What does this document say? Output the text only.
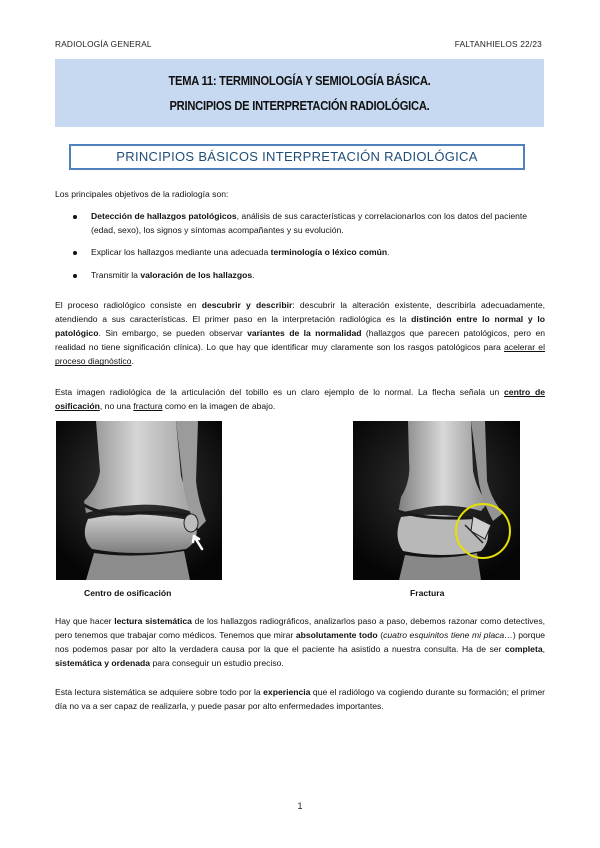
RADIOLOGÍA GENERAL	FALTANHIELOS 22/23
TEMA 11: TERMINOLOGÍA Y SEMIOLOGÍA BÁSICA.
PRINCIPIOS DE INTERPRETACIÓN RADIOLÓGICA.
PRINCIPIOS BÁSICOS INTERPRETACIÓN RADIOLÓGICA
Los principales objetivos de la radiología son:
Detección de hallazgos patológicos, análisis de sus características y correlacionarlos con los datos del paciente (edad, sexo), los signos y síntomas acompañantes y su evolución.
Explicar los hallazgos mediante una adecuada terminología o léxico común.
Transmitir la valoración de los hallazgos.
El proceso radiológico consiste en descubrir y describir: descubrir la alteración existente, describirla adecuadamente, atendiendo a sus características. El primer paso en la interpretación radiológica es la distinción entre lo normal y lo patológico. Sin embargo, se pueden observar variantes de la normalidad (hallazgos que parecen patológicos, pero en realidad no tiene significación clínica). Lo que hay que identificar muy claramente son los rasgos patológicos para acelerar el proceso diagnóstico.
Esta imagen radiológica de la articulación del tobillo es un claro ejemplo de lo normal. La flecha señala un centro de osificación, no una fractura como en la imagen de abajo.
Centro de osificación	Fractura
Hay que hacer lectura sistemática de los hallazgos radiográficos, analizarlos paso a paso, debemos razonar como detectives, pero tenemos que trabajar como médicos. Tenemos que mirar absolutamente todo (cuatro esquinitos tiene mi placa…) porque nos podemos pasar por alto la verdadera causa por la que el paciente ha asistido a nuestra consulta. Ha de ser completa, sistemática y ordenada para conseguir un estudio preciso.
Esta lectura sistemática se adquiere sobre todo por la experiencia que el radiólogo va cogiendo durante su formación; el primer día no va a ser capaz de realizarla, y puede pasar por alto enfermedades importantes.
1
